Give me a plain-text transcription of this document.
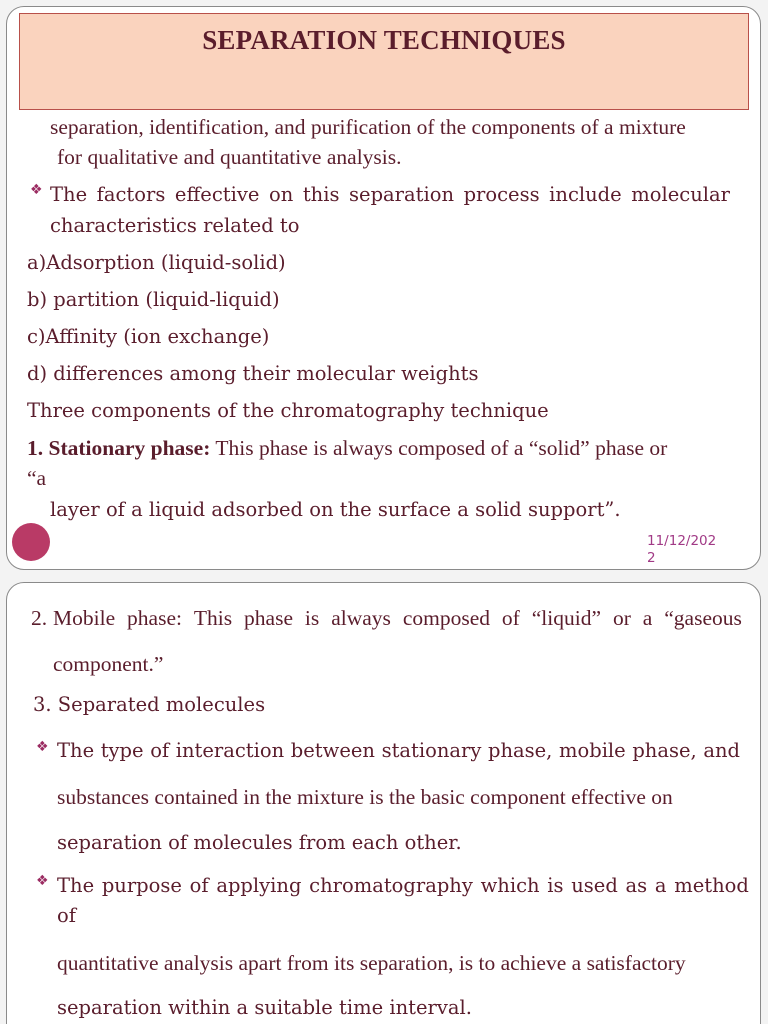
SEPARATION TECHNIQUES
separation, identification, and purification of the components of a mixture
for qualitative and quantitative analysis.
❖ The factors effective on this separation process include molecular
characteristics related to
a)Adsorption (liquid-solid)
b) partition (liquid-liquid)
c)Affinity (ion exchange)
d) differences among their molecular weights
Three components of the chromatography technique
1. Stationary phase: This phase is always composed of a “solid” phase or
“a
layer of a liquid adsorbed on the surface a solid support”.
11/12/202
2
2. Mobile phase: This phase is always composed of “liquid” or a “gaseous
component.”
3. Separated molecules
❖ The type of interaction between stationary phase, mobile phase, and
substances contained in the mixture is the basic component effective on
separation of molecules from each other.
❖ The purpose of applying chromatography which is used as a method
of
quantitative analysis apart from its separation, is to achieve a satisfactory
separation within a suitable time interval.
